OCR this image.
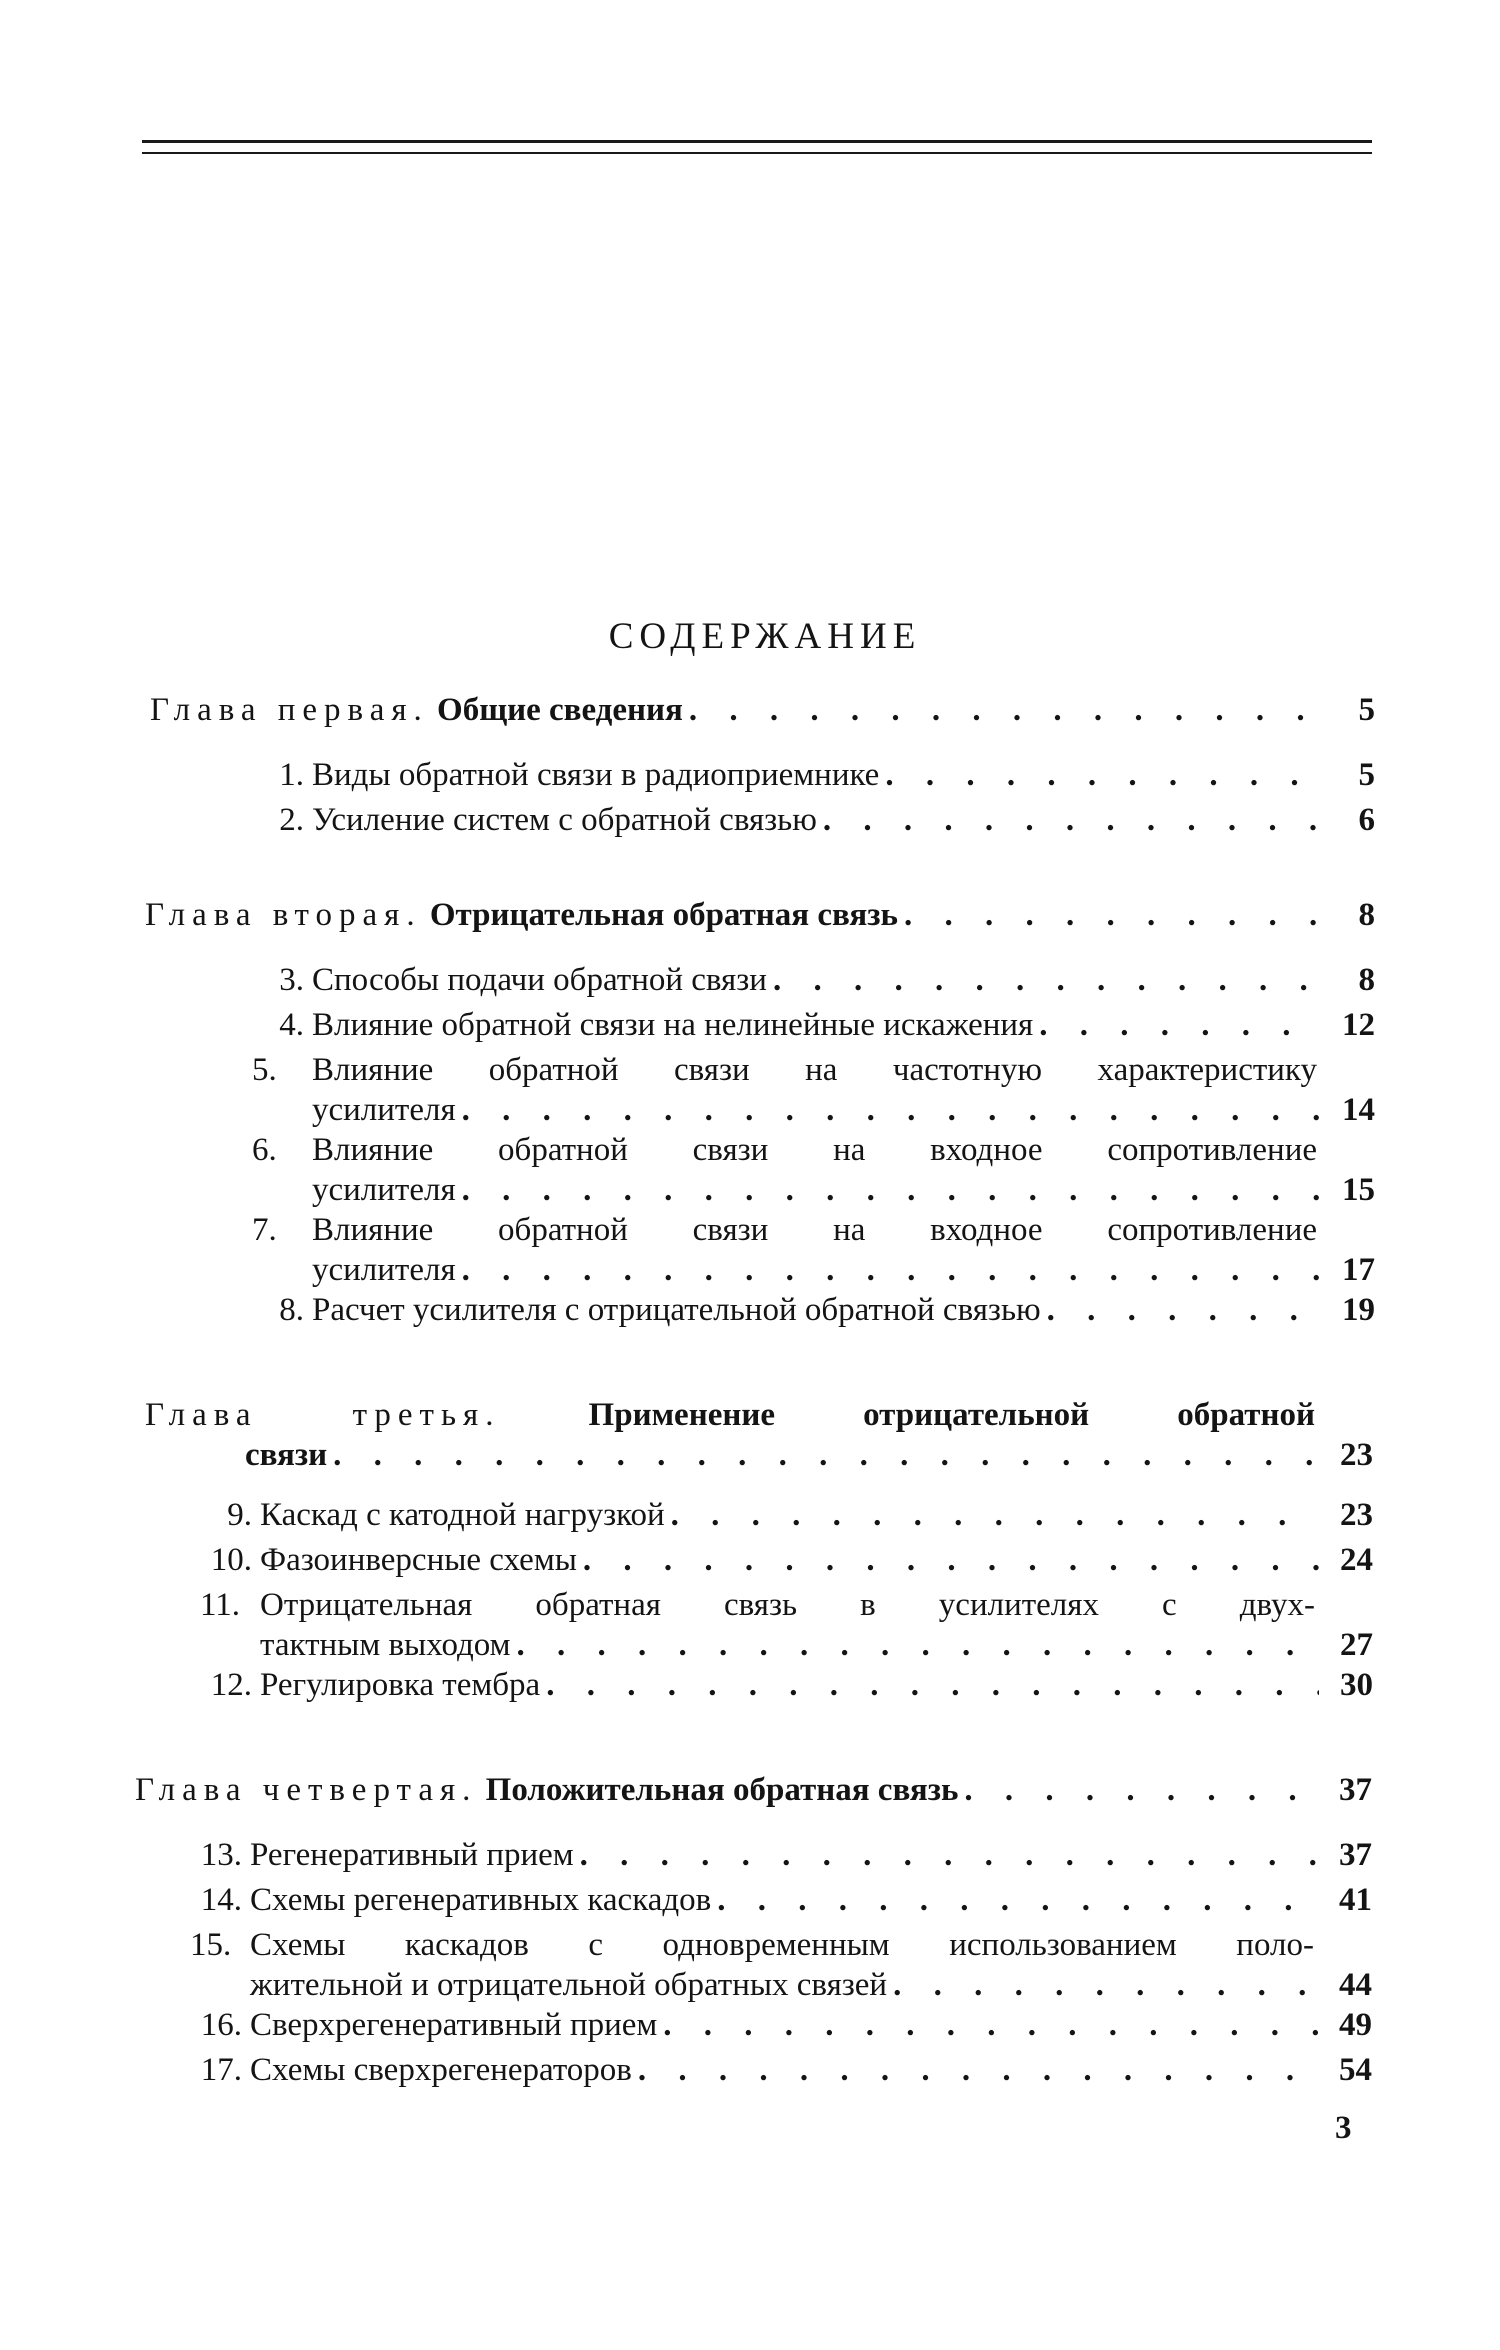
СОДЕРЖАНИЕ
Глава первая. Общие сведения . . .	5
1. Виды обратной связи в радиоприемнике . . .	5
2. Усиление систем с обратной связью . . .	6
Глава вторая. Отрицательная обратная связь . . .	8
3. Способы подачи обратной связи . . .	8
4. Влияние обратной связи на нелинейные искажения . . .	12
5. Влияние обратной связи на частотную характеристику
усилителя . . .	14
6. Влияние обратной связи на входное сопротивление
усилителя . . .	15
7. Влияние обратной связи на входное сопротивление
усилителя . . .	17
8. Расчет усилителя с отрицательной обратной связью . . .	19
Глава третья.	Применение отрицательной обратной
связи . . .	23
9. Каскад с катодной нагрузкой . . .	23
10. Фазоинверсные схемы . . .	24
11. Отрицательная обратная связь в усилителях с двух-
тактным выходом . . .	27
12. Регулировка тембра . . .	30
Глава четвертая. Положительная обратная связь . . .	37
13. Регенеративный прием . . .	37
14. Схемы регенеративных каскадов . . .	41
15. Схемы каскадов с одновременным использованием поло-
жительной и отрицательной обратных связей . . .	44
16. Сверхрегенеративный прием . . .	49
17. Схемы сверхрегенераторов . . .	54
3
